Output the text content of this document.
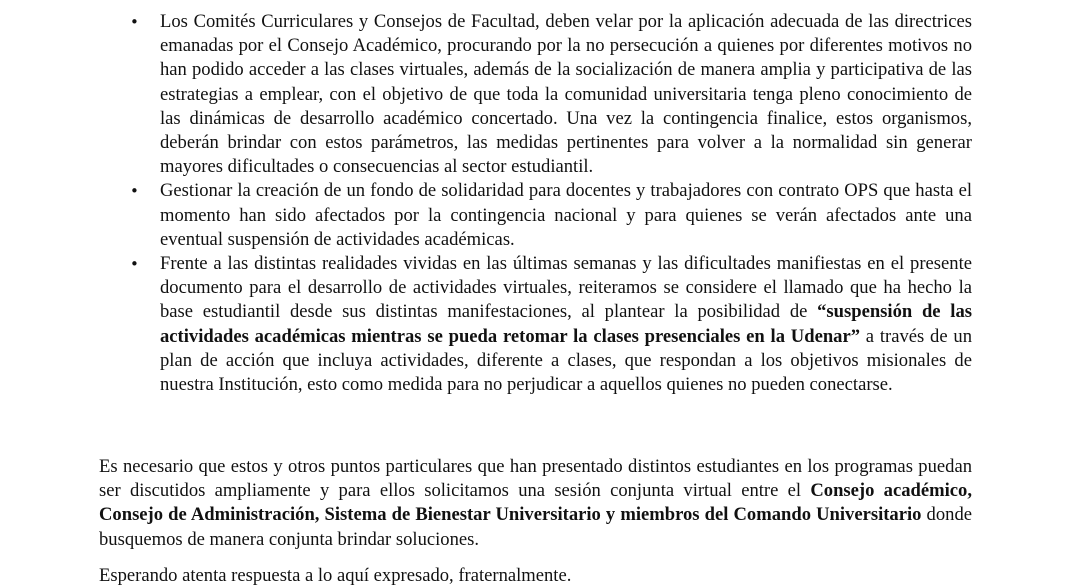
• Los Comités Curriculares y Consejos de Facultad, deben velar por la aplicación adecuada de las directrices emanadas por el Consejo Académico, procurando por la no persecución a quienes por diferentes motivos no han podido acceder a las clases virtuales, además de la socialización de manera amplia y participativa de las estrategias a emplear, con el objetivo de que toda la comunidad universitaria tenga pleno conocimiento de las dinámicas de desarrollo académico concertado. Una vez la contingencia finalice, estos organismos, deberán brindar con estos parámetros, las medidas pertinentes para volver a la normalidad sin generar mayores dificultades o consecuencias al sector estudiantil.
• Gestionar la creación de un fondo de solidaridad para docentes y trabajadores con contrato OPS que hasta el momento han sido afectados por la contingencia nacional y para quienes se verán afectados ante una eventual suspensión de actividades académicas.
• Frente a las distintas realidades vividas en las últimas semanas y las dificultades manifiestas en el presente documento para el desarrollo de actividades virtuales, reiteramos se considere el llamado que ha hecho la base estudiantil desde sus distintas manifestaciones, al plantear la posibilidad de “suspensión de las actividades académicas mientras se pueda retomar la clases presenciales en la Udenar” a través de un plan de acción que incluya actividades, diferente a clases, que respondan a los objetivos misionales de nuestra Institución, esto como medida para no perjudicar a aquellos quienes no pueden conectarse.

Es necesario que estos y otros puntos particulares que han presentado distintos estudiantes en los programas puedan ser discutidos ampliamente y para ellos solicitamos una sesión conjunta virtual entre el Consejo académico, Consejo de Administración, Sistema de Bienestar Universitario y miembros del Comando Universitario donde busquemos de manera conjunta brindar soluciones.

Esperando atenta respuesta a lo aquí expresado, fraternalmente.
